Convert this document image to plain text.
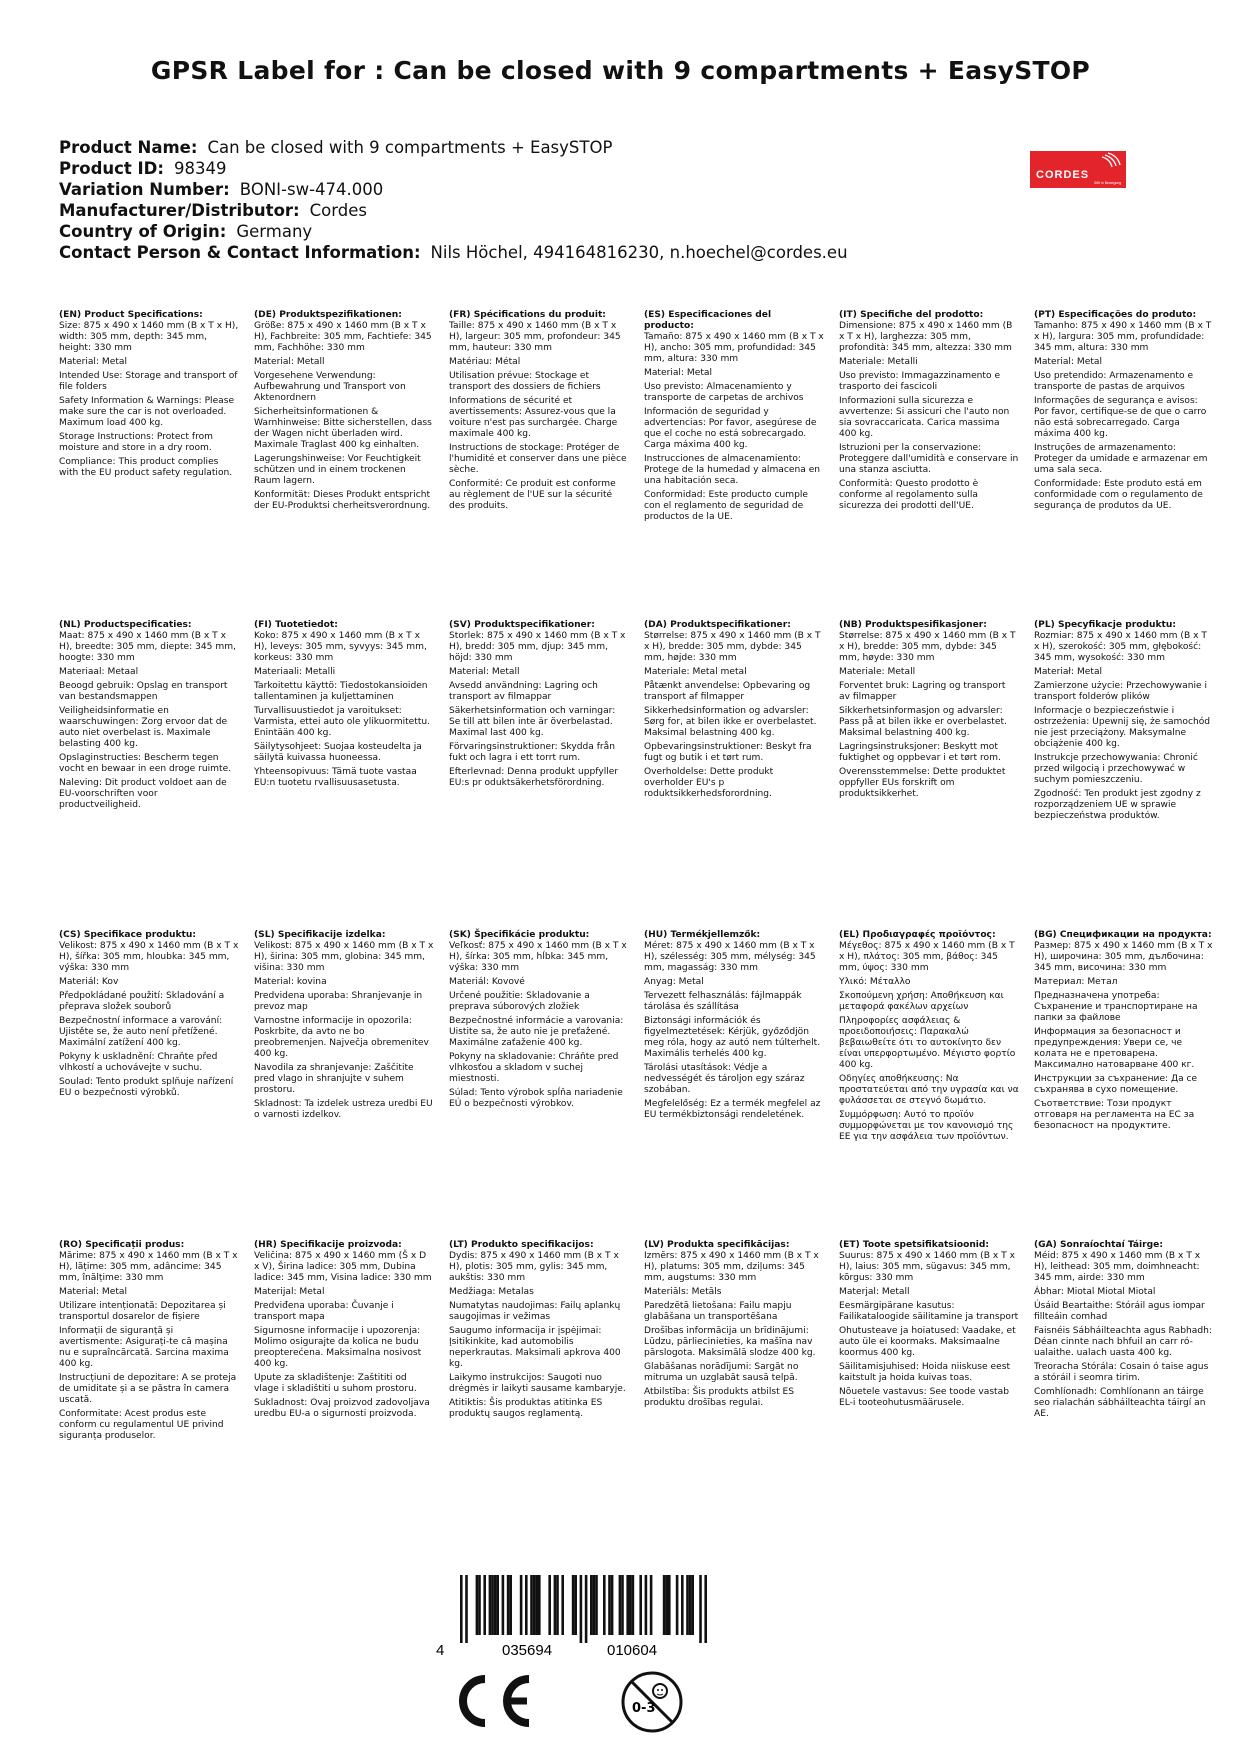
GPSR Label for : Can be closed with 9 compartments + EasySTOP
Product Name: Can be closed with 9 compartments + EasySTOP
Product ID: 98349
Variation Number: BONI-sw-474.000
Manufacturer/Distributor: Cordes
Country of Origin: Germany
Contact Person & Contact Information: Nils Höchel, 494164816230, n.hoechel@cordes.eu
CORDES
Stift in Bewegung

(EN) Product Specifications:
Size: 875 x 490 x 1460 mm (B x T x H), width: 305 mm, depth: 345 mm, height: 330 mm

Material: Metal

Intended Use: Storage and transport of file folders

Safety Information & Warnings: Please make sure the car is not overloaded. Maximum load 400 kg.

Storage Instructions: Protect from moisture and store in a dry room.

Compliance: This product complies with the EU product safety regulation.

(DE) Produktspezifikationen:
Größe: 875 x 490 x 1460 mm (B x T x H), Fachbreite: 305 mm, Fachtiefe: 345 mm, Fachhöhe: 330 mm

Material: Metall

Vorgesehene Verwendung: Aufbewahrung und Transport von Aktenordnern

Sicherheitsinformationen & Warnhinweise: Bitte sicherstellen, dass der Wagen nicht überladen wird. Maximale Traglast 400 kg einhalten.

Lagerungshinweise: Vor Feuchtigkeit schützen und in einem trockenen Raum lagern.

Konformität: Dieses Produkt entspricht der EU-Produktsi cherheitsverordnung.

(FR) Spécifications du produit:
Taille: 875 x 490 x 1460 mm (B x T x H), largeur: 305 mm, profondeur: 345 mm, hauteur: 330 mm

Matériau: Métal

Utilisation prévue: Stockage et transport des dossiers de fichiers

Informations de sécurité et avertissements: Assurez-vous que la voiture n'est pas surchargée. Charge maximale 400 kg.

Instructions de stockage: Protéger de l'humidité et conserver dans une pièce sèche.

Conformité: Ce produit est conforme au règlement de l'UE sur la sécurité des produits.

(ES) Especificaciones del producto:
Tamaño: 875 x 490 x 1460 mm (B x T x H), ancho: 305 mm, profundidad: 345 mm, altura: 330 mm

Material: Metal

Uso previsto: Almacenamiento y transporte de carpetas de archivos

Información de seguridad y advertencias: Por favor, asegúrese de que el coche no está sobrecargado. Carga máxima 400 kg.

Instrucciones de almacenamiento: Protege de la humedad y almacena en una habitación seca.

Conformidad: Este producto cumple con el reglamento de seguridad de productos de la UE.

(IT) Specifiche del prodotto:
Dimensione: 875 x 490 x 1460 mm (B x T x H), larghezza: 305 mm, profondità: 345 mm, altezza: 330 mm

Materiale: Metalli

Uso previsto: Immagazzinamento e trasporto dei fascicoli

Informazioni sulla sicurezza e avvertenze: Si assicuri che l'auto non sia sovraccaricata. Carica massima 400 kg.

Istruzioni per la conservazione: Proteggere dall'umidità e conservare in una stanza asciutta.

Conformità: Questo prodotto è conforme al regolamento sulla sicurezza dei prodotti dell'UE.

(PT) Especificações do produto:
Tamanho: 875 x 490 x 1460 mm (B x T x H), largura: 305 mm, profundidade: 345 mm, altura: 330 mm

Material: Metal

Uso pretendido: Armazenamento e transporte de pastas de arquivos

Informações de segurança e avisos: Por favor, certifique-se de que o carro não está sobrecarregado. Carga máxima 400 kg.

Instruções de armazenamento: Proteger da umidade e armazenar em uma sala seca.

Conformidade: Este produto está em conformidade com o regulamento de segurança de produtos da UE.

(NL) Productspecificaties:
Maat: 875 x 490 x 1460 mm (B x T x H), breedte: 305 mm, diepte: 345 mm, hoogte: 330 mm

Materiaal: Metaal

Beoogd gebruik: Opslag en transport van bestandsmappen

Veiligheidsinformatie en waarschuwingen: Zorg ervoor dat de auto niet overbelast is. Maximale belasting 400 kg.

Opslaginstructies: Bescherm tegen vocht en bewaar in een droge ruimte.

Naleving: Dit product voldoet aan de EU-voorschriften voor productveiligheid.

(FI) Tuotetiedot:
Koko: 875 x 490 x 1460 mm (B x T x H), leveys: 305 mm, syvyys: 345 mm, korkeus: 330 mm

Materiaali: Metalli

Tarkoitettu käyttö: Tiedostokansioiden tallentaminen ja kuljettaminen

Turvallisuustiedot ja varoitukset: Varmista, ettei auto ole ylikuormitettu. Enintään 400 kg.

Säilytysohjeet: Suojaa kosteudelta ja säilytä kuivassa huoneessa.

Yhteensopivuus: Tämä tuote vastaa EU:n tuotetu rvallisuusasetusta.

(SV) Produktspecifikationer:
Storlek: 875 x 490 x 1460 mm (B x T x H), bredd: 305 mm, djup: 345 mm, höjd: 330 mm

Material: Metall

Avsedd användning: Lagring och transport av filmappar

Säkerhetsinformation och varningar: Se till att bilen inte är överbelastad. Maximal last 400 kg.

Förvaringsinstruktioner: Skydda från fukt och lagra i ett torrt rum.

Efterlevnad: Denna produkt uppfyller EU:s pr oduktsäkerhetsförordning.

(DA) Produktspecifikationer:
Størrelse: 875 x 490 x 1460 mm (B x T x H), bredde: 305 mm, dybde: 345 mm, højde: 330 mm

Materiale: Metal metal

Påtænkt anvendelse: Opbevaring og transport af filmapper

Sikkerhedsinformation og advarsler: Sørg for, at bilen ikke er overbelastet. Maksimal belastning 400 kg.

Opbevaringsinstruktioner: Beskyt fra fugt og butik i et tørt rum.

Overholdelse: Dette produkt overholder EU's p roduktsikkerhedsforordning.

(NB) Produktspesifikasjoner:
Størrelse: 875 x 490 x 1460 mm (B x T x H), bredde: 305 mm, dybde: 345 mm, høyde: 330 mm

Materiale: Metall

Forventet bruk: Lagring og transport av filmapper

Sikkerhetsinformasjon og advarsler: Pass på at bilen ikke er overbelastet. Maksimal belastning 400 kg.

Lagringsinstruksjoner: Beskytt mot fuktighet og oppbevar i et tørt rom.

Overensstemmelse: Dette produktet oppfyller EUs forskrift om produktsikkerhet.

(PL) Specyfikacje produktu:
Rozmiar: 875 x 490 x 1460 mm (B x T x H), szerokość: 305 mm, głębokość: 345 mm, wysokość: 330 mm

Materiał: Metal

Zamierzone użycie: Przechowywanie i transport folderów plików

Informacje o bezpieczeństwie i ostrzeżenia: Upewnij się, że samochód nie jest przeciążony. Maksymalne obciążenie 400 kg.

Instrukcje przechowywania: Chronić przed wilgocią i przechowywać w suchym pomieszczeniu.

Zgodność: Ten produkt jest zgodny z rozporządzeniem UE w sprawie bezpieczeństwa produktów.

(CS) Specifikace produktu:
Velikost: 875 x 490 x 1460 mm (B x T x H), šířka: 305 mm, hloubka: 345 mm, výška: 330 mm

Materiál: Kov

Předpokládané použití: Skladování a přeprava složek souborů

Bezpečnostní informace a varování: Ujistěte se, že auto není přetížené. Maximální zatížení 400 kg.

Pokyny k uskladnění: Chraňte před vlhkostí a uchovávejte v suchu.

Soulad: Tento produkt splňuje nařízení EU o bezpečnosti výrobků.

(SL) Specifikacije izdelka:
Velikost: 875 x 490 x 1460 mm (B x T x H), širina: 305 mm, globina: 345 mm, višina: 330 mm

Material: kovina

Predvidena uporaba: Shranjevanje in prevoz map

Varnostne informacije in opozorila: Poskrbite, da avto ne bo preobremenjen. Največja obremenitev 400 kg.

Navodila za shranjevanje: Zaščitite pred vlago in shranjujte v suhem prostoru.

Skladnost: Ta izdelek ustreza uredbi EU o varnosti izdelkov.

(SK) Špecifikácie produktu:
Veľkosť: 875 x 490 x 1460 mm (B x T x H), šírka: 305 mm, hĺbka: 345 mm, výška: 330 mm

Materiál: Kovové

Určené použitie: Skladovanie a preprava súborových zložiek

Bezpečnostné informácie a varovania: Uistite sa, že auto nie je preťažené. Maximálne zaťaženie 400 kg.

Pokyny na skladovanie: Chráňte pred vlhkosťou a skladom v suchej miestnosti.

Súlad: Tento výrobok spĺňa nariadenie EÚ o bezpečnosti výrobkov.

(HU) Termékjellemzők:
Méret: 875 x 490 x 1460 mm (B x T x H), szélesség: 305 mm, mélység: 345 mm, magasság: 330 mm

Anyag: Metal

Tervezett felhasználás: fájlmappák tárolása és szállítása

Biztonsági információk és figyelmeztetések: Kérjük, győződjön meg róla, hogy az autó nem túlterhelt. Maximális terhelés 400 kg.

Tárolási utasítások: Védje a nedvességét és tároljon egy száraz szobában.

Megfelelőség: Ez a termék megfelel az EU termékbiztonsági rendeletének.

(EL) Προδιαγραφές προϊόντος:
Μέγεθος: 875 x 490 x 1460 mm (B x T x H), πλάτος: 305 mm, βάθος: 345 mm, ύψος: 330 mm

Υλικό: Μέταλλο

Σκοπούμενη χρήση: Αποθήκευση και μεταφορά φακέλων αρχείων

Πληροφορίες ασφάλειας & προειδοποιήσεις: Παρακαλώ βεβαιωθείτε ότι το αυτοκίνητο δεν είναι υπερφορτωμένο. Μέγιστο φορτίο 400 kg.

Οδηγίες αποθήκευσης: Να προστατεύεται από την υγρασία και να φυλάσσεται σε στεγνό δωμάτιο.

Συμμόρφωση: Αυτό το προϊόν συμμορφώνεται με τον κανονισμό της ΕΕ για την ασφάλεια των προϊόντων.

(BG) Спецификации на продукта:
Размер: 875 x 490 x 1460 mm (B x T x H), широчина: 305 mm, дълбочина: 345 mm, височина: 330 mm

Материал: Метал

Предназначена употреба: Съхранение и транспортиране на папки за файлове

Информация за безопасност и предупреждения: Увери се, че колата не е претоварена. Максимално натоварване 400 кг.

Инструкции за съхранение: Да се съхранява в сухо помещение.

Съответствие: Този продукт отговаря на регламента на ЕС за безопасност на продуктите.

(RO) Specificații produs:
Mărime: 875 x 490 x 1460 mm (B x T x H), lățime: 305 mm, adâncime: 345 mm, înălțime: 330 mm

Material: Metal

Utilizare intenționată: Depozitarea și transportul dosarelor de fișiere

Informații de siguranță și avertismente: Asigurați-te că mașina nu e supraîncărcată. Sarcina maxima 400 kg.

Instrucțiuni de depozitare: A se proteja de umiditate și a se păstra în camera uscată.

Conformitate: Acest produs este conform cu regulamentul UE privind siguranța produselor.

(HR) Specifikacije proizvoda:
Veličina: 875 x 490 x 1460 mm (Š x D x V), Širina ladice: 305 mm, Dubina ladice: 345 mm, Visina ladice: 330 mm

Materijal: Metal

Predviđena uporaba: Čuvanje i transport mapa

Sigurnosne informacije i upozorenja: Molimo osigurajte da kolica ne budu preopterećena. Maksimalna nosivost 400 kg.

Upute za skladištenje: Zaštititi od vlage i skladištiti u suhom prostoru.

Sukladnost: Ovaj proizvod zadovoljava uredbu EU-a o sigurnosti proizvoda.

(LT) Produkto specifikacijos:
Dydis: 875 x 490 x 1460 mm (B x T x H), plotis: 305 mm, gylis: 345 mm, aukštis: 330 mm

Medžiaga: Metalas

Numatytas naudojimas: Failų aplankų saugojimas ir vežimas

Saugumo informacija ir įspėjimai: Įsitikinkite, kad automobilis neperkrautas. Maksimali apkrova 400 kg.

Laikymo instrukcijos: Saugoti nuo drėgmės ir laikyti sausame kambaryje.

Atitiktis: Šis produktas atitinka ES produktų saugos reglamentą.

(LV) Produkta specifikācijas:
Izmērs: 875 x 490 x 1460 mm (B x T x H), platums: 305 mm, dziļums: 345 mm, augstums: 330 mm

Materiāls: Metāls

Paredzētā lietošana: Failu mapju glabāšana un transportēšana

Drošības informācija un brīdinājumi: Lūdzu, pārliecinieties, ka mašīna nav pārslogota. Maksimālā slodze 400 kg.

Glabāšanas norādījumi: Sargāt no mitruma un uzglabāt sausā telpā.

Atbilstība: Šis produkts atbilst ES produktu drošības regulai.

(ET) Toote spetsifikatsioonid:
Suurus: 875 x 490 x 1460 mm (B x T x H), laius: 305 mm, sügavus: 345 mm, kõrgus: 330 mm

Materjal: Metall

Eesmärgipärane kasutus: Failikataloogide säilitamine ja transport

Ohutusteave ja hoiatused: Vaadake, et auto üle ei koormaks. Maksimaalne koormus 400 kg.

Säilitamisjuhised: Hoida niiskuse eest kaitstult ja hoida kuivas toas.

Nõuetele vastavus: See toode vastab EL-i tooteohutusmäärusele.

(GA) Sonraíochtaí Táirge:
Méid: 875 x 490 x 1460 mm (B x T x H), leithead: 305 mm, doimhneacht: 345 mm, airde: 330 mm

Ábhar: Miotal Miotal Miotal

Úsáid Beartaithe: Stóráil agus iompar fillteáin comhad

Faisnéis Sábháilteachta agus Rabhadh: Déan cinnte nach bhfuil an carr ró-ualaithe. ualach uasta 400 kg.

Treoracha Stórála: Cosain ó taise agus a stóráil i seomra tirim.

Comhlíonadh: Comhlíonann an táirge seo rialachán sábháilteachta táirgí an AE.

4	035694	010604
0-3
